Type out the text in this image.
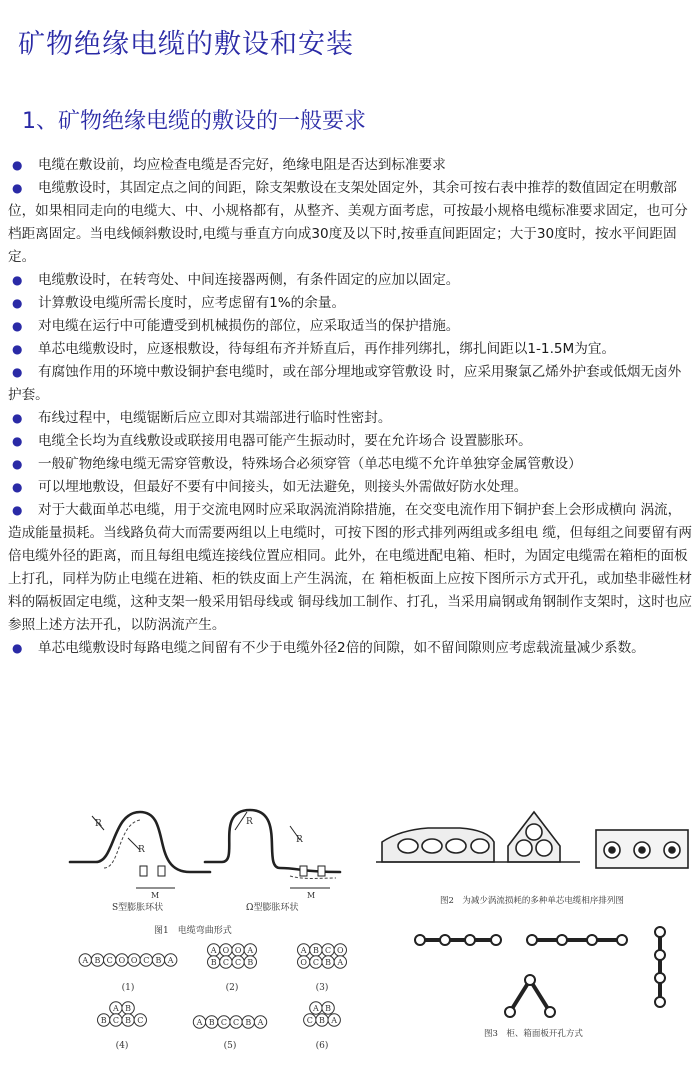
矿物绝缘电缆的敷设和安装
1、矿物绝缘电缆的敷设的一般要求

● 电缆在敷设前，均应检查电缆是否完好，绝缘电阻是否达到标准要求

● 电缆敷设时，其固定点之间的间距，除支架敷设在支架处固定外，其余可按右表中推荐的数值固定在明敷部位，如果相同走向的电缆大、中、小规格都有，从整齐、美观方面考虑，可按最小规格电缆标准要求固定，也可分档距离固定。当电线倾斜敷设时,电缆与垂直方向成30度及以下时,按垂直间距固定；大于30度时，按水平间距固定。

● 电缆敷设时，在转弯处、中间连接器两侧，有条件固定的应加以固定。

● 计算敷设电缆所需长度时，应考虑留有1%的余量。

● 对电缆在运行中可能遭受到机械损伤的部位，应采取适当的保护措施。

● 单芯电缆敷设时，应逐根敷设，待每组布齐并矫直后，再作排列绑扎，绑扎间距以1-1.5M为宜。

● 有腐蚀作用的环境中敷设铜护套电缆时，或在部分埋地或穿管敷设 时，应采用聚氯乙烯外护套或低烟无卤外护套。

● 布线过程中，电缆锯断后应立即对其端部进行临时性密封。

● 电缆全长均为直线敷设或联接用电器可能产生振动时，要在允许场合 设置膨胀环。

● 一般矿物绝缘电缆无需穿管敷设，特殊场合必须穿管（单芯电缆不允许单独穿金属管敷设）

● 可以埋地敷设，但最好不要有中间接头，如无法避免，则接头外需做好防水处理。

● 对于大截面单芯电缆，用于交流电网时应采取涡流消除措施，在交变电流作用下铜护套上会形成横向 涡流，造成能量损耗。当线路负荷大而需要两组以上电缆时，可按下图的形式排列两组或多组电 缆，但每组之间要留有两倍电缆外径的距离，而且每组电缆连接线位置应相同。此外，在电缆进配电箱、柜时，为固定电缆需在箱柜的面板上打孔，同样为防止电缆在进箱、柜的铁皮面上产生涡流，在 箱柜板面上应按下图所示方式开孔，或加垫非磁性材料的隔板固定电缆，这种支架一般采用铝母线或 铜母线加工制作、打孔，当采用扁钢或角钢制作支架时，这时也应参照上述方法开孔，以防涡流产生。

● 单芯电缆敷设时每路电缆之间留有不少于电缆外径2倍的间隙，如不留间隙则应考虑载流量减少系数。

R
R
R
R
M	M
S型膨胀环状	Ω型膨胀环状
图1　电缆弯曲形式
图2　为减少涡流损耗的多种单芯电缆相序排列图
图3　柜、箱面板开孔方式
A B C O O C B A
(1)
A O O A
B C C B
(2)
A B C O
O C B A
(3)
A B
B C B C
(4)
A B C C B A
(5)
A B
C B A
(6)
